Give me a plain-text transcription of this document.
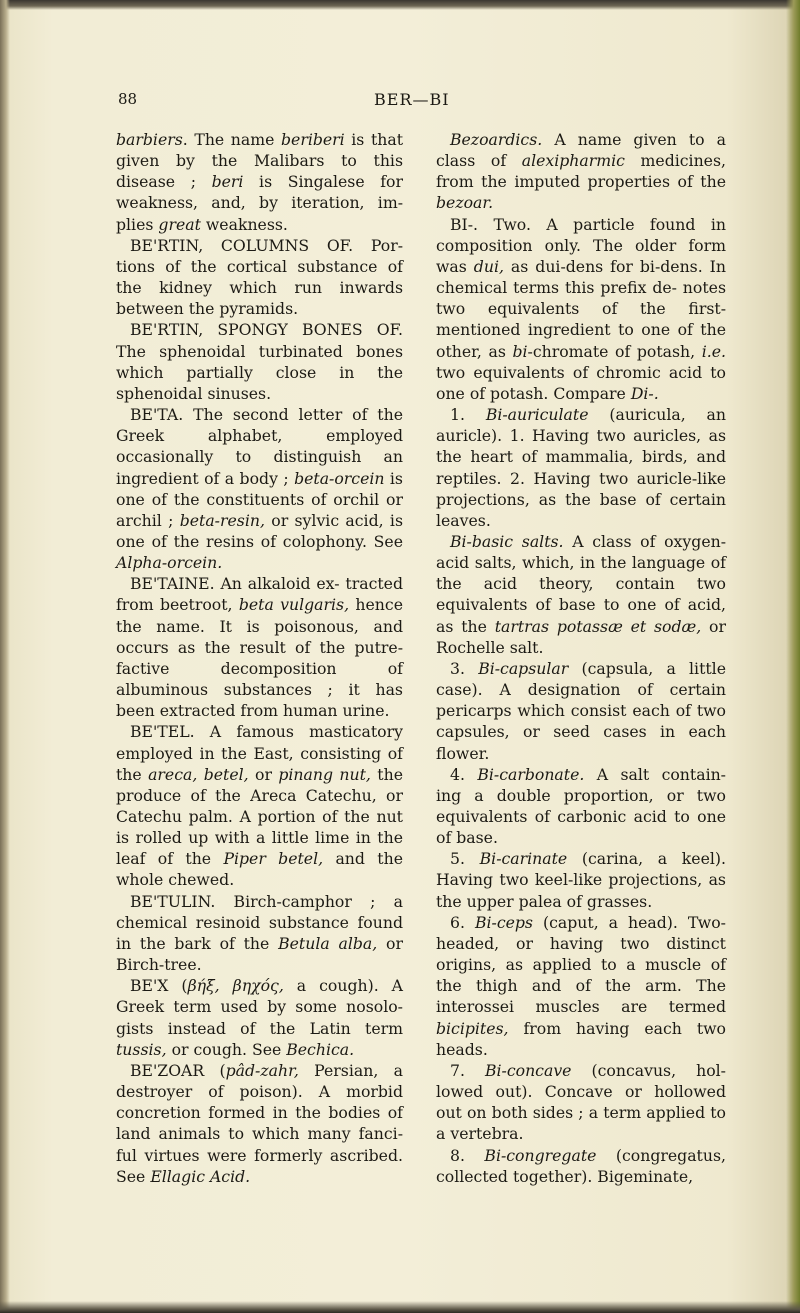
88	BER—BI

barbiers. The name beriberi is that given by the Malibars to this disease ; beri is Singalese for weakness, and, by iteration, im- plies great weakness.

BE'RTIN, COLUMNS OF. Por- tions of the cortical substance of the kidney which run inwards between the pyramids.

BE'RTIN, SPONGY BONES OF. The sphenoidal turbinated bones which partially close in the sphenoidal sinuses.

BE'TA. The second letter of the Greek alphabet, employed occasionally to distinguish an ingredient of a body ; beta-orcein is one of the constituents of orchil or archil ; beta-resin, or sylvic acid, is one of the resins of colophony. See Alpha-orcein.

BE'TAINE. An alkaloid ex- tracted from beetroot, beta vulgaris, hence the name. It is poisonous, and occurs as the result of the putre- factive decomposition of albuminous substances ; it has been extracted from human urine.

BE'TEL. A famous masticatory employed in the East, consisting of the areca, betel, or pinang nut, the produce of the Areca Catechu, or Catechu palm. A portion of the nut is rolled up with a little lime in the leaf of the Piper betel, and the whole chewed.

BE'TULIN. Birch-camphor ; a chemical resinoid substance found in the bark of the Betula alba, or Birch-tree.

BE'X (βήξ, βηχός, a cough). A Greek term used by some nosolo- gists instead of the Latin term tussis, or cough. See Bechica.

BE'ZOAR (pâd-zahr, Persian, a destroyer of poison). A morbid concretion formed in the bodies of land animals to which many fanci- ful virtues were formerly ascribed. See Ellagic Acid.

Bezoardics. A name given to a class of alexipharmic medicines, from the imputed properties of the bezoar.

BI-. Two. A particle found in composition only. The older form was dui, as dui-dens for bi-dens. In chemical terms this prefix de- notes two equivalents of the first- mentioned ingredient to one of the other, as bi-chromate of potash, i.e. two equivalents of chromic acid to one of potash. Compare Di-.

1. Bi-auriculate (auricula, an auricle). 1. Having two auricles, as the heart of mammalia, birds, and reptiles. 2. Having two auricle-like projections, as the base of certain leaves.

Bi-basic salts. A class of oxygen- acid salts, which, in the language of the acid theory, contain two equivalents of base to one of acid, as the tartras potassæ et sodæ, or Rochelle salt.

3. Bi-capsular (capsula, a little case). A designation of certain pericarps which consist each of two capsules, or seed cases in each flower.

4. Bi-carbonate. A salt contain- ing a double proportion, or two equivalents of carbonic acid to one of base.

5. Bi-carinate (carina, a keel). Having two keel-like projections, as the upper palea of grasses.

6. Bi-ceps (caput, a head). Two- headed, or having two distinct origins, as applied to a muscle of the thigh and of the arm. The interossei muscles are termed bicipites, from having each two heads.

7. Bi-concave (concavus, hol- lowed out). Concave or hollowed out on both sides ; a term applied to a vertebra.

8. Bi-congregate (congregatus, collected together). Bigeminate,
